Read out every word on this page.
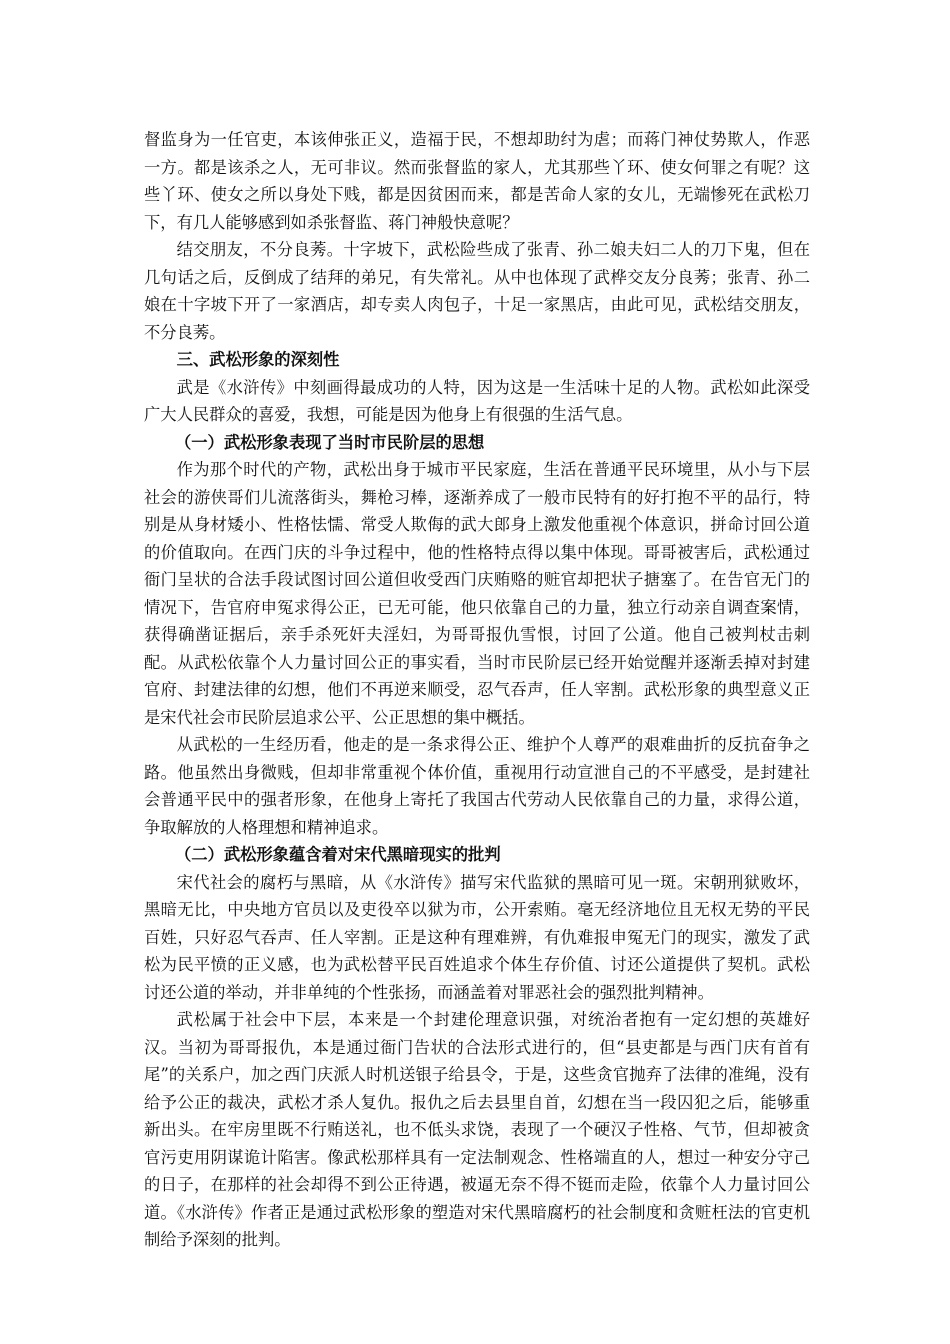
督监身为一任官吏，本该伸张正义，造福于民，不想却助纣为虐；而蒋门神仗势欺人，作恶一方。都是该杀之人，无可非议。然而张督监的家人，尤其那些丫环、使女何罪之有呢？这些丫环、使女之所以身处下贱，都是因贫困而来，都是苦命人家的女儿，无端惨死在武松刀下，有几人能够感到如杀张督监、蒋门神般快意呢？

结交朋友，不分良莠。十字坡下，武松险些成了张青、孙二娘夫妇二人的刀下鬼，但在几句话之后，反倒成了结拜的弟兄，有失常礼。从中也体现了武桦交友分良莠；张青、孙二娘在十字坡下开了一家酒店，却专卖人肉包子，十足一家黑店，由此可见，武松结交朋友，不分良莠。

三、武松形象的深刻性

武是《水浒传》中刻画得最成功的人特，因为这是一生活味十足的人物。武松如此深受广大人民群众的喜爱，我想，可能是因为他身上有很强的生活气息。

（一）武松形象表现了当时市民阶层的思想

作为那个时代的产物，武松出身于城市平民家庭，生活在普通平民环境里，从小与下层社会的游侠哥们儿流落街头，舞枪习棒，逐渐养成了一般市民特有的好打抱不平的品行，特别是从身材矮小、性格怯懦、常受人欺侮的武大郎身上激发他重视个体意识，拼命讨回公道的价值取向。在西门庆的斗争过程中，他的性格特点得以集中体现。哥哥被害后，武松通过衙门呈状的合法手段试图讨回公道但收受西门庆贿赂的赃官却把状子搪塞了。在告官无门的情况下，告官府申冤求得公正，已无可能，他只依靠自己的力量，独立行动亲自调查案情，获得确凿证据后，亲手杀死奸夫淫妇，为哥哥报仇雪恨，讨回了公道。他自己被判杖击刺配。从武松依靠个人力量讨回公正的事实看，当时市民阶层已经开始觉醒并逐渐丢掉对封建官府、封建法律的幻想，他们不再逆来顺受，忍气吞声，任人宰割。武松形象的典型意义正是宋代社会市民阶层追求公平、公正思想的集中概括。

从武松的一生经历看，他走的是一条求得公正、维护个人尊严的艰难曲折的反抗奋争之路。他虽然出身微贱，但却非常重视个体价值，重视用行动宣泄自己的不平感受，是封建社会普通平民中的强者形象，在他身上寄托了我国古代劳动人民依靠自己的力量，求得公道，争取解放的人格理想和精神追求。

（二）武松形象蕴含着对宋代黑暗现实的批判

宋代社会的腐朽与黑暗，从《水浒传》描写宋代监狱的黑暗可见一斑。宋朝刑狱败坏，黑暗无比，中央地方官员以及吏役卒以狱为市，公开索贿。毫无经济地位且无权无势的平民百姓，只好忍气吞声、任人宰割。正是这种有理难辨，有仇难报申冤无门的现实，激发了武松为民平愤的正义感，也为武松替平民百姓追求个体生存价值、讨还公道提供了契机。武松讨还公道的举动，并非单纯的个性张扬，而涵盖着对罪恶社会的强烈批判精神。

武松属于社会中下层，本来是一个封建伦理意识强，对统治者抱有一定幻想的英雄好汉。当初为哥哥报仇，本是通过衙门告状的合法形式进行的，但“县吏都是与西门庆有首有尾”的关系户，加之西门庆派人时机送银子给县令，于是，这些贪官抛弃了法律的准绳，没有给予公正的裁决，武松才杀人复仇。报仇之后去县里自首，幻想在当一段囚犯之后，能够重新出头。在牢房里既不行贿送礼，也不低头求饶，表现了一个硬汉子性格、气节，但却被贪官污吏用阴谋诡计陷害。像武松那样具有一定法制观念、性格端直的人，想过一种安分守己的日子，在那样的社会却得不到公正待遇，被逼无奈不得不铤而走险，依靠个人力量讨回公道。《水浒传》作者正是通过武松形象的塑造对宋代黑暗腐朽的社会制度和贪赃枉法的官吏机制给予深刻的批判。
